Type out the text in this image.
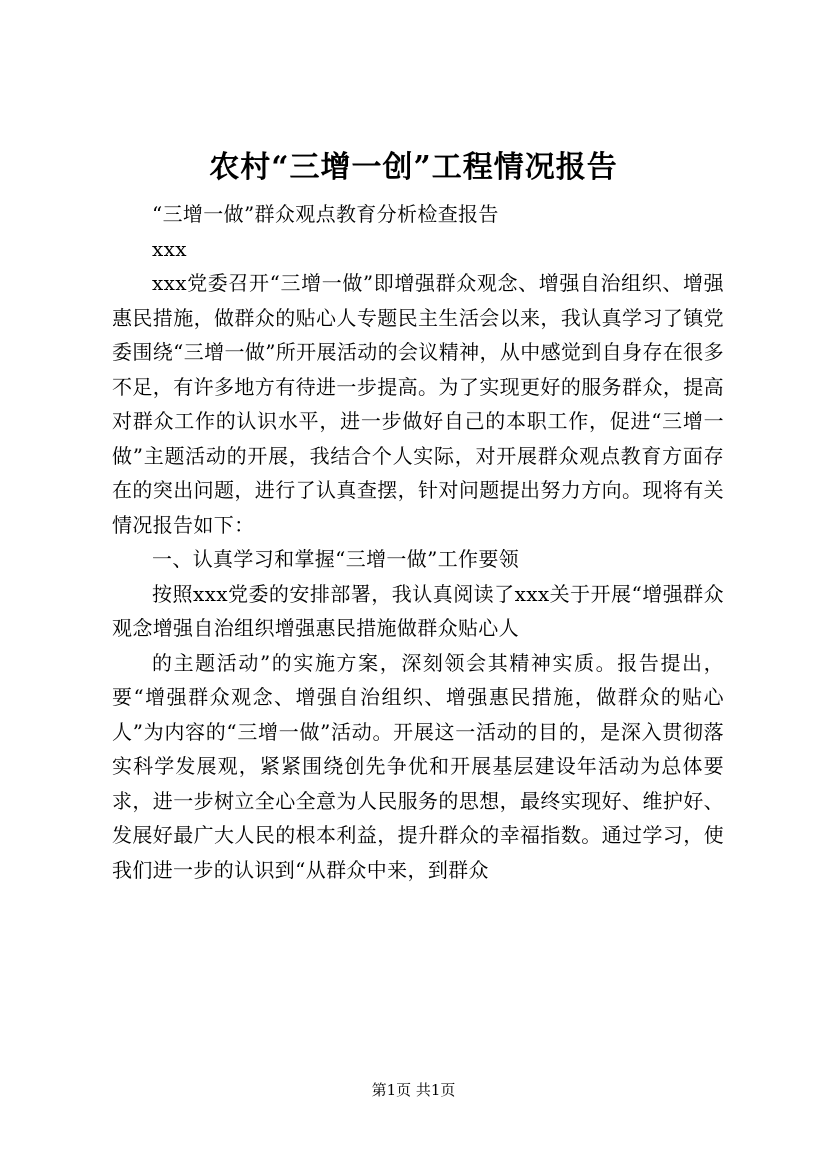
农村“三增一创”工程情况报告

“三增一做”群众观点教育分析检查报告

xxx

xxx党委召开“三增一做”即增强群众观念、增强自治组织、增强惠民措施，做群众的贴心人专题民主生活会以来，我认真学习了镇党委围绕“三增一做”所开展活动的会议精神，从中感觉到自身存在很多不足，有许多地方有待进一步提高。为了实现更好的服务群众，提高对群众工作的认识水平，进一步做好自己的本职工作，促进“三增一做”主题活动的开展，我结合个人实际，对开展群众观点教育方面存在的突出问题，进行了认真查摆，针对问题提出努力方向。现将有关情况报告如下：

一、认真学习和掌握“三增一做”工作要领

按照xxx党委的安排部署，我认真阅读了xxx关于开展“增强群众观念增强自治组织增强惠民措施做群众贴心人

的主题活动”的实施方案，深刻领会其精神实质。报告提出，要“增强群众观念、增强自治组织、增强惠民措施，做群众的贴心人”为内容的“三增一做”活动。开展这一活动的目的，是深入贯彻落实科学发展观，紧紧围绕创先争优和开展基层建设年活动为总体要求，进一步树立全心全意为人民服务的思想，最终实现好、维护好、发展好最广大人民的根本利益，提升群众的幸福指数。通过学习，使我们进一步的认识到“从群众中来，到群众

第1页 共1页
